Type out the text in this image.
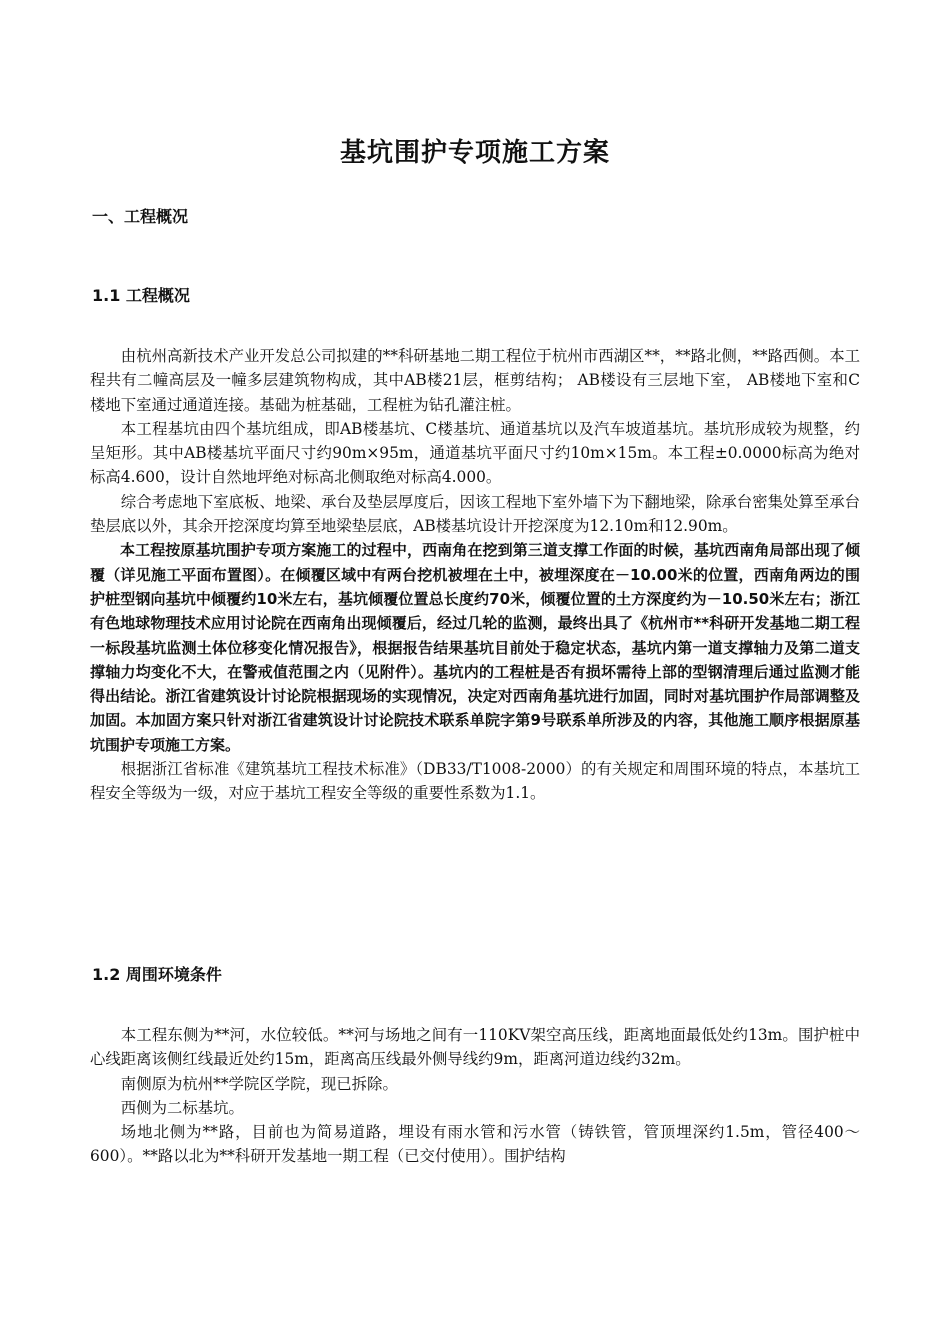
基坑围护专项施工方案
一、工程概况
1.1 工程概况

由杭州高新技术产业开发总公司拟建的**科研基地二期工程位于杭州市西湖区**，**路北侧，**路西侧。本工程共有二幢高层及一幢多层建筑物构成，其中AB楼21层，框剪结构； AB楼设有三层地下室， AB楼地下室和C楼地下室通过通道连接。基础为桩基础，工程桩为钻孔灌注桩。

本工程基坑由四个基坑组成，即AB楼基坑、C楼基坑、通道基坑以及汽车坡道基坑。基坑形成较为规整，约呈矩形。其中AB楼基坑平面尺寸约90m×95m，通道基坑平面尺寸约10m×15m。本工程±0.0000标高为绝对标高4.600，设计自然地坪绝对标高北侧取绝对标高4.000。

综合考虑地下室底板、地梁、承台及垫层厚度后，因该工程地下室外墙下为下翻地梁，除承台密集处算至承台垫层底以外，其余开挖深度均算至地梁垫层底，AB楼基坑设计开挖深度为12.10m和12.90m。

本工程按原基坑围护专项方案施工的过程中，西南角在挖到第三道支撑工作面的时候，基坑西南角局部出现了倾覆（详见施工平面布置图）。在倾覆区域中有两台挖机被埋在土中，被埋深度在－10.00米的位置，西南角两边的围护桩型钢向基坑中倾覆约10米左右，基坑倾覆位置总长度约70米，倾覆位置的土方深度约为－10.50米左右；浙江有色地球物理技术应用讨论院在西南角出现倾覆后，经过几轮的监测，最终出具了《杭州市**科研开发基地二期工程一标段基坑监测土体位移变化情况报告》，根据报告结果基坑目前处于稳定状态，基坑内第一道支撑轴力及第二道支撑轴力均变化不大，在警戒值范围之内（见附件）。基坑内的工程桩是否有损坏需待上部的型钢清理后通过监测才能得出结论。浙江省建筑设计讨论院根据现场的实现情况，决定对西南角基坑进行加固，同时对基坑围护作局部调整及加固。本加固方案只针对浙江省建筑设计讨论院技术联系单院字第9号联系单所涉及的内容，其他施工顺序根据原基坑围护专项施工方案。

根据浙江省标准《建筑基坑工程技术标准》（DB33/T1008-2000）的有关规定和周围环境的特点，本基坑工程安全等级为一级，对应于基坑工程安全等级的重要性系数为1.1。

1.2 周围环境条件

本工程东侧为**河，水位较低。**河与场地之间有一110KV架空高压线，距离地面最低处约13m。围护桩中心线距离该侧红线最近处约15m，距离高压线最外侧导线约9m，距离河道边线约32m。

南侧原为杭州**学院区学院，现已拆除。

西侧为二标基坑。

场地北侧为**路，目前也为简易道路，埋设有雨水管和污水管（铸铁管，管顶埋深约1.5m，管径400～600）。**路以北为**科研开发基地一期工程（已交付使用）。围护结构
